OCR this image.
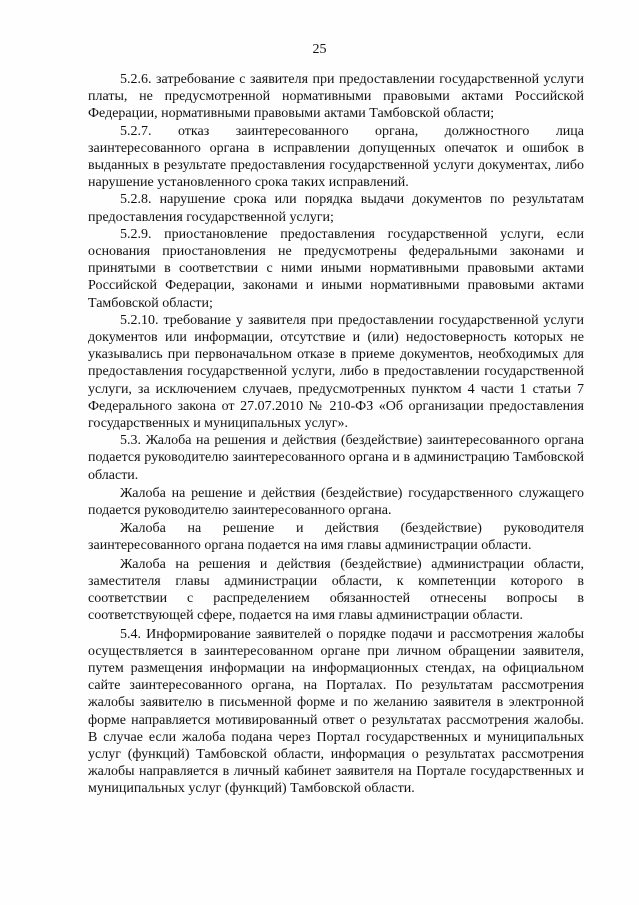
25

5.2.6. затребование с заявителя при предоставлении государственной услуги платы, не предусмотренной нормативными правовыми актами Российской Федерации, нормативными правовыми актами Тамбовской области;

5.2.7. отказ заинтересованного органа, должностного лица заинтересованного органа в исправлении допущенных опечаток и ошибок в выданных в результате предоставления государственной услуги документах, либо нарушение установленного срока таких исправлений.

5.2.8. нарушение срока или порядка выдачи документов по результатам предоставления государственной услуги;

5.2.9. приостановление предоставления государственной услуги, если основания приостановления не предусмотрены федеральными законами и принятыми в соответствии с ними иными нормативными правовыми актами Российской Федерации, законами и иными нормативными правовыми актами Тамбовской области;

5.2.10. требование у заявителя при предоставлении государственной услуги документов или информации, отсутствие и (или) недостоверность которых не указывались при первоначальном отказе в приеме документов, необходимых для предоставления государственной услуги, либо в предоставлении государственной услуги, за исключением случаев, предусмотренных пунктом 4 части 1 статьи 7 Федерального закона от 27.07.2010 № 210-ФЗ «Об организации предоставления государственных и муниципальных услуг».

5.3. Жалоба на решения и действия (бездействие) заинтересованного органа подается руководителю заинтересованного органа и в администрацию Тамбовской области.

Жалоба на решение и действия (бездействие) государственного служащего подается руководителю заинтересованного органа.

Жалоба на решение и действия (бездействие) руководителя заинтересованного органа подается на имя главы администрации области.

Жалоба на решения и действия (бездействие) администрации области, заместителя главы администрации области, к компетенции которого в соответствии с распределением обязанностей отнесены вопросы в соответствующей сфере, подается на имя главы администрации области.

5.4. Информирование заявителей о порядке подачи и рассмотрения жалобы осуществляется в заинтересованном органе при личном обращении заявителя, путем размещения информации на информационных стендах, на официальном сайте заинтересованного органа, на Порталах. По результатам рассмотрения жалобы заявителю в письменной форме и по желанию заявителя в электронной форме направляется мотивированный ответ о результатах рассмотрения жалобы. В случае если жалоба подана через Портал государственных и муниципальных услуг (функций) Тамбовской области, информация о результатах рассмотрения жалобы направляется в личный кабинет заявителя на Портале государственных и муниципальных услуг (функций) Тамбовской области.
